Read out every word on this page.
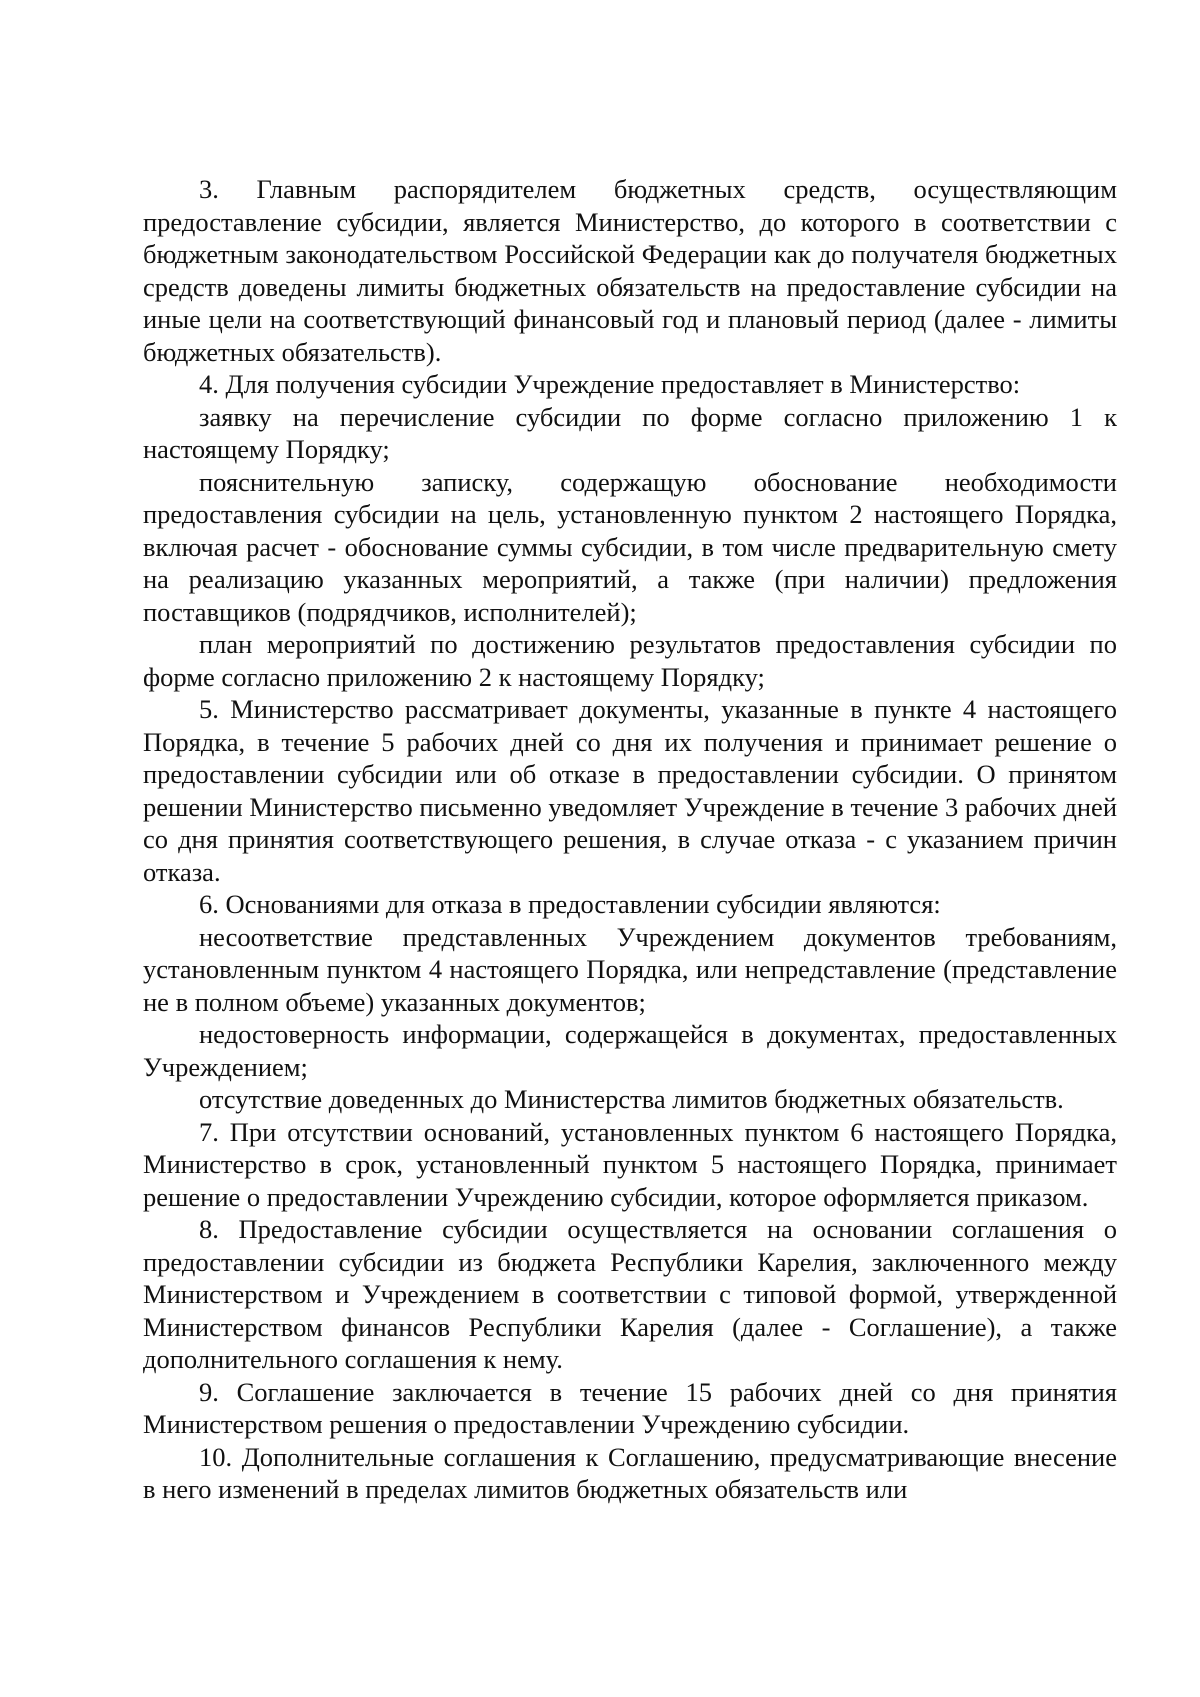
3. Главным распорядителем бюджетных средств, осуществляющим предоставление субсидии, является Министерство, до которого в соответствии с бюджетным законодательством Российской Федерации как до получателя бюджетных средств доведены лимиты бюджетных обязательств на предоставление субсидии на иные цели на соответствующий финансовый год и плановый период (далее - лимиты бюджетных обязательств).

4. Для получения субсидии Учреждение предоставляет в Министерство:

заявку на перечисление субсидии по форме согласно приложению 1 к настоящему Порядку;

пояснительную записку, содержащую обоснование необходимости предоставления субсидии на цель, установленную пунктом 2 настоящего Порядка, включая расчет - обоснование суммы субсидии, в том числе предварительную смету на реализацию указанных мероприятий, а также (при наличии) предложения поставщиков (подрядчиков, исполнителей);

план мероприятий по достижению результатов предоставления субсидии по форме согласно приложению 2 к настоящему Порядку;

5. Министерство рассматривает документы, указанные в пункте 4 настоящего Порядка, в течение 5 рабочих дней со дня их получения и принимает решение о предоставлении субсидии или об отказе в предоставлении субсидии. О принятом решении Министерство письменно уведомляет Учреждение в течение 3 рабочих дней со дня принятия соответствующего решения, в случае отказа - с указанием причин отказа.

6. Основаниями для отказа в предоставлении субсидии являются:

несоответствие представленных Учреждением документов требованиям, установленным пунктом 4 настоящего Порядка, или непредставление (представление не в полном объеме) указанных документов;

недостоверность информации, содержащейся в документах, предоставленных Учреждением;

отсутствие доведенных до Министерства лимитов бюджетных обязательств.

7. При отсутствии оснований, установленных пунктом 6 настоящего Порядка, Министерство в срок, установленный пунктом 5 настоящего Порядка, принимает решение о предоставлении Учреждению субсидии, которое оформляется приказом.

8. Предоставление субсидии осуществляется на основании соглашения о предоставлении субсидии из бюджета Республики Карелия, заключенного между Министерством и Учреждением в соответствии с типовой формой, утвержденной Министерством финансов Республики Карелия (далее - Соглашение), а также дополнительного соглашения к нему.

9. Соглашение заключается в течение 15 рабочих дней со дня принятия Министерством решения о предоставлении Учреждению субсидии.

10. Дополнительные соглашения к Соглашению, предусматривающие внесение в него изменений в пределах лимитов бюджетных обязательств или
